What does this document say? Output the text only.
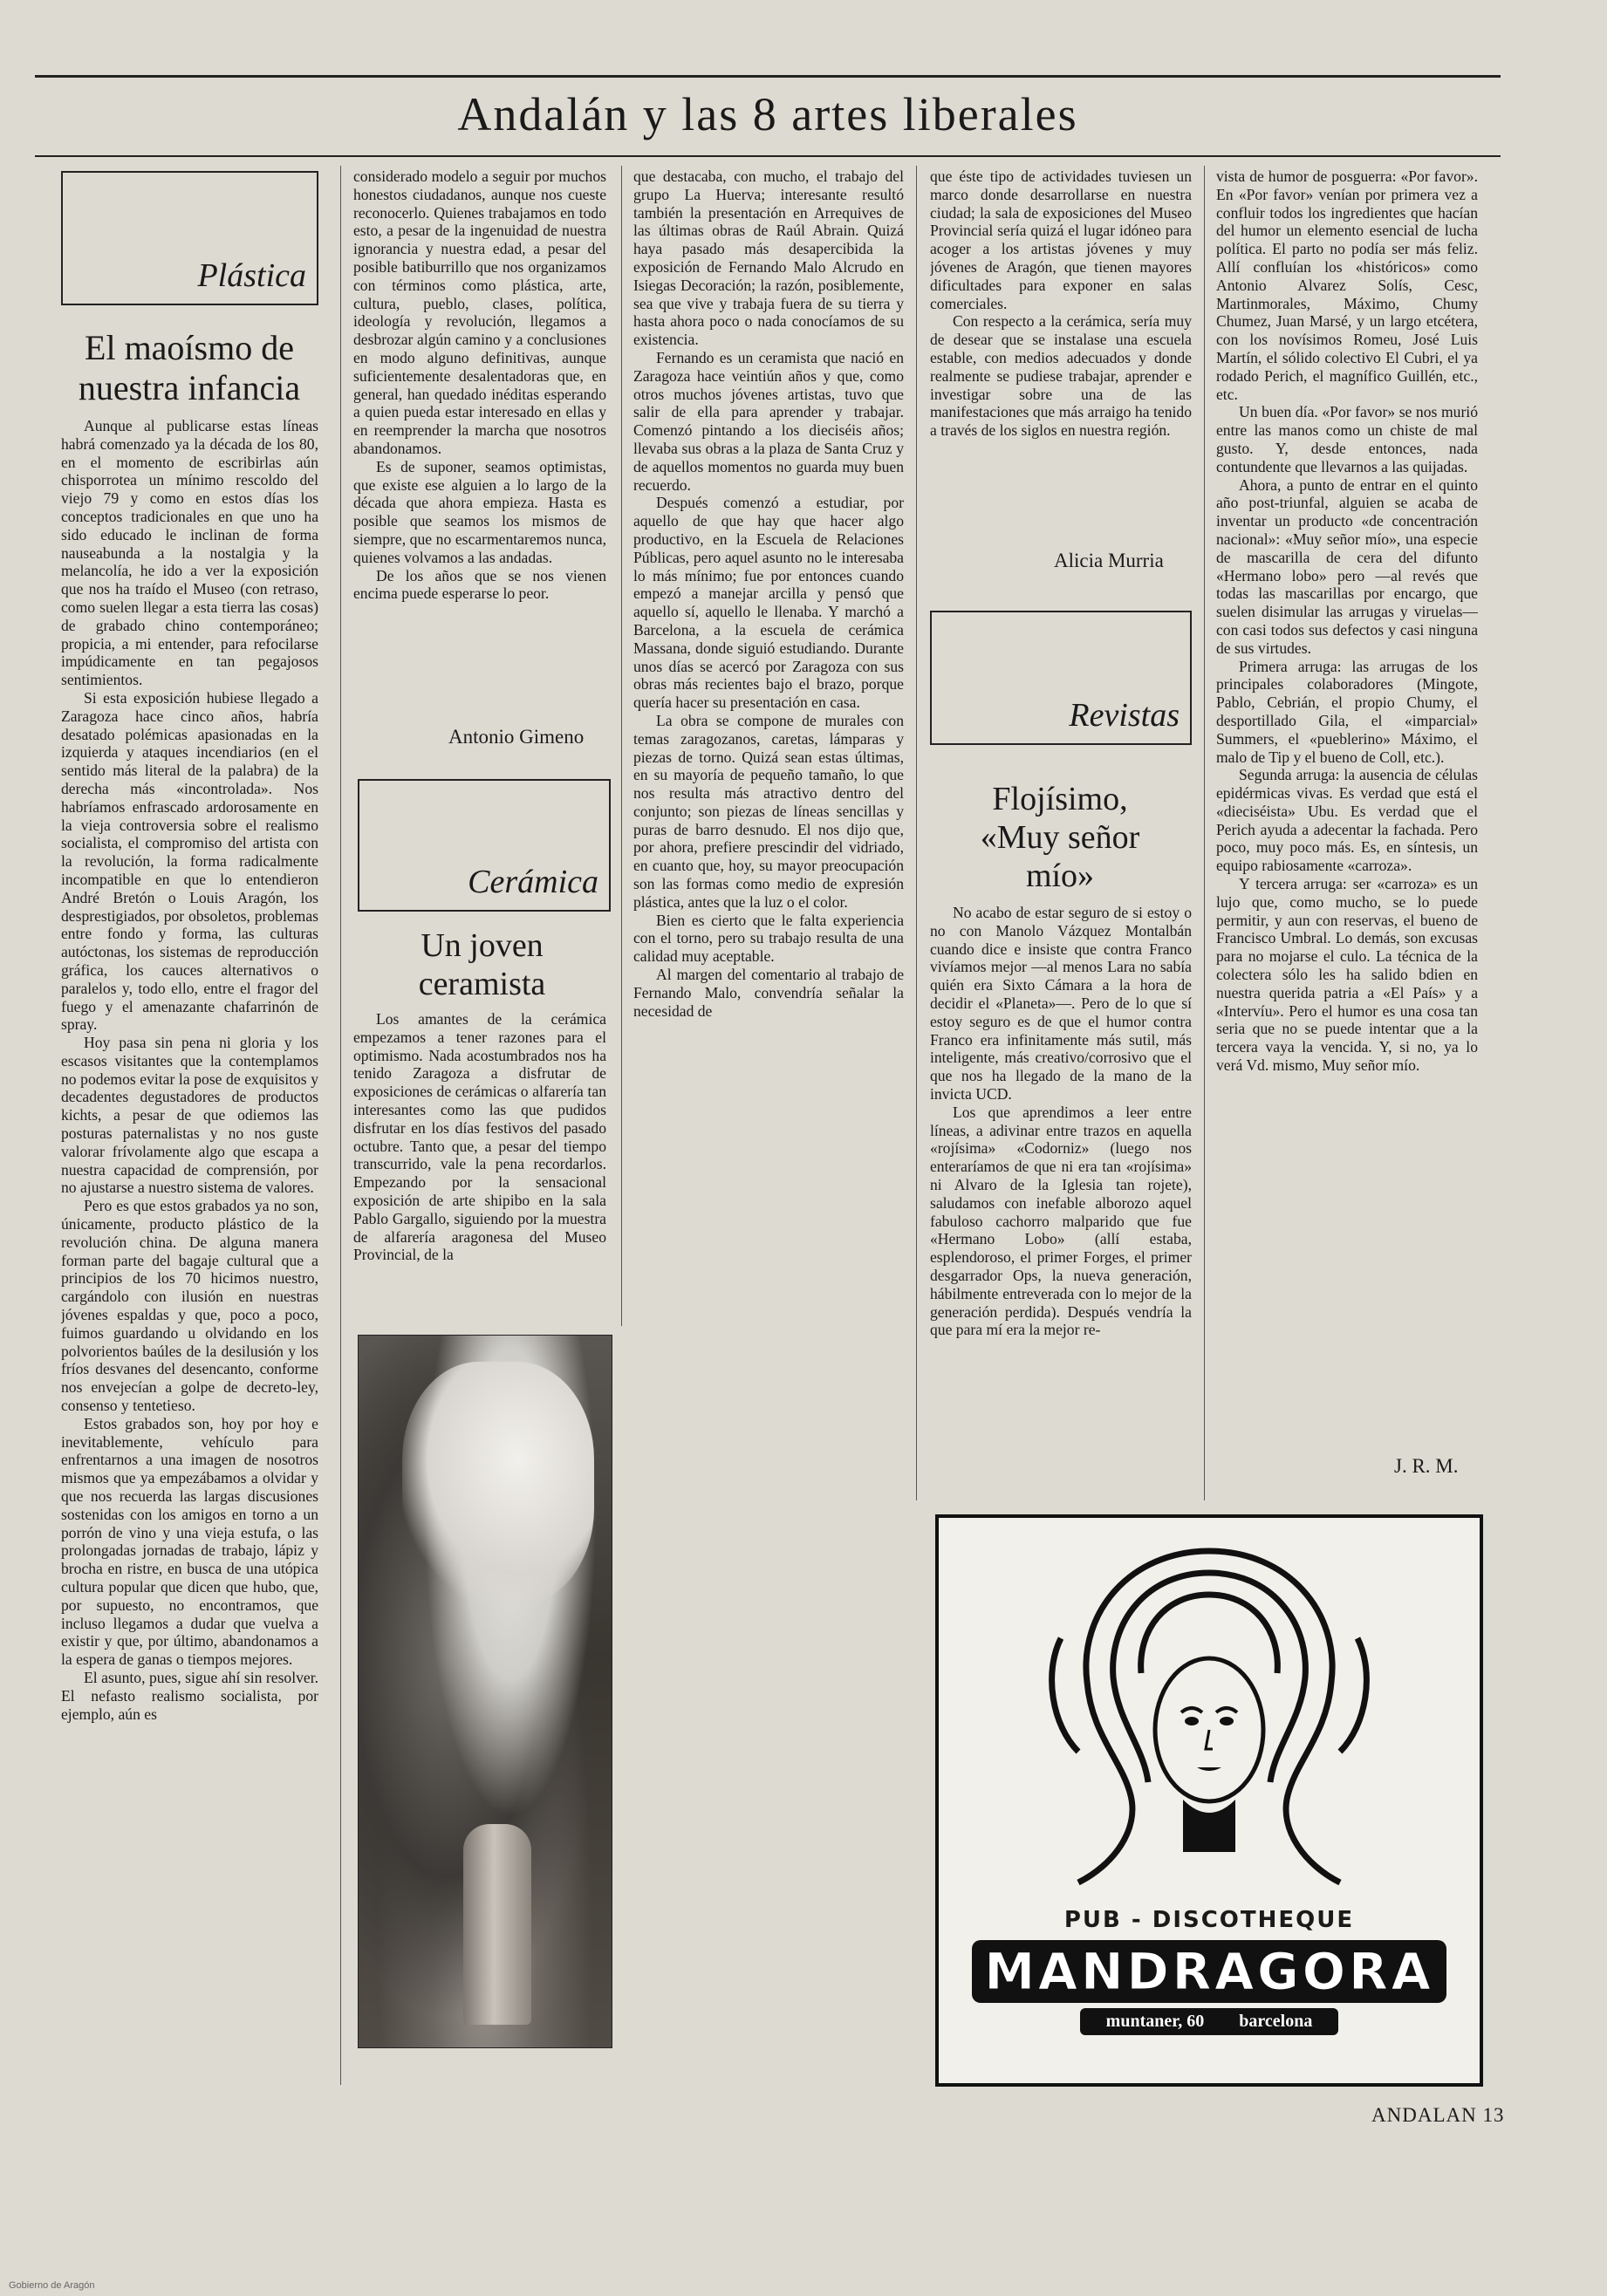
Andalán y las 8 artes liberales
Plástica
El maoísmo de nuestra infancia

Aunque al publicarse estas líneas habrá comenzado ya la década de los 80, en el momento de escribirlas aún chisporrotea un mínimo rescoldo del viejo 79 y como en estos días los conceptos tradicionales en que uno ha sido educado le inclinan de forma nauseabunda a la nostalgia y la melancolía, he ido a ver la exposición que nos ha traído el Museo (con retraso, como suelen llegar a esta tierra las cosas) de grabado chino contemporáneo; propicia, a mi entender, para refocilarse impúdicamente en tan pegajosos sentimientos.

Si esta exposición hubiese llegado a Zaragoza hace cinco años, habría desatado polémicas apasionadas en la izquierda y ataques incendiarios (en el sentido más literal de la palabra) de la derecha más «incontrolada». Nos habríamos enfrascado ardorosamente en la vieja controversia sobre el realismo socialista, el compromiso del artista con la revolución, la forma radicalmente incompatible en que lo entendieron André Bretón o Louis Aragón, los desprestigiados, por obsoletos, problemas entre fondo y forma, las culturas autóctonas, los sistemas de reproducción gráfica, los cauces alternativos o paralelos y, todo ello, entre el fragor del fuego y el amenazante chafarrinón de spray.

Hoy pasa sin pena ni gloria y los escasos visitantes que la contemplamos no podemos evitar la pose de exquisitos y decadentes degustadores de productos kichts, a pesar de que odiemos las posturas paternalistas y no nos guste valorar frívolamente algo que escapa a nuestra capacidad de comprensión, por no ajustarse a nuestro sistema de valores.

Pero es que estos grabados ya no son, únicamente, producto plástico de la revolución china. De alguna manera forman parte del bagaje cultural que a principios de los 70 hicimos nuestro, cargándolo con ilusión en nuestras jóvenes espaldas y que, poco a poco, fuimos guardando u olvidando en los polvorientos baúles de la desilusión y los fríos desvanes del desencanto, conforme nos envejecían a golpe de decreto-ley, consenso y tentetieso.

Estos grabados son, hoy por hoy e inevitablemente, vehículo para enfrentarnos a una imagen de nosotros mismos que ya empezábamos a olvidar y que nos recuerda las largas discusiones sostenidas con los amigos en torno a un porrón de vino y una vieja estufa, o las prolongadas jornadas de trabajo, lápiz y brocha en ristre, en busca de una utópica cultura popular que dicen que hubo, que, por supuesto, no encontramos, que incluso llegamos a dudar que vuelva a existir y que, por último, abandonamos a la espera de ganas o tiempos mejores.

El asunto, pues, sigue ahí sin resolver. El nefasto realismo socialista, por ejemplo, aún es

considerado modelo a seguir por muchos honestos ciudadanos, aunque nos cueste reconocerlo. Quienes trabajamos en todo esto, a pesar de la ingenuidad de nuestra ignorancia y nuestra edad, a pesar del posible batiburrillo que nos organizamos con términos como plástica, arte, cultura, pueblo, clases, política, ideología y revolución, llegamos a desbrozar algún camino y a conclusiones en modo alguno definitivas, aunque suficientemente desalentadoras que, en general, han quedado inéditas esperando a quien pueda estar interesado en ellas y en reemprender la marcha que nosotros abandonamos.

Es de suponer, seamos optimistas, que existe ese alguien a lo largo de la década que ahora empieza. Hasta es posible que seamos los mismos de siempre, que no escarmentaremos nunca, quienes volvamos a las andadas.

De los años que se nos vienen encima puede esperarse lo peor.

Antonio Gimeno
Cerámica
Un joven ceramista

Los amantes de la cerámica empezamos a tener razones para el optimismo. Nada acostumbrados nos ha tenido Zaragoza a disfrutar de exposiciones de cerámicas o alfarería tan interesantes como las que pudidos disfrutar en los días festivos del pasado octubre. Tanto que, a pesar del tiempo transcurrido, vale la pena recordarlos. Empezando por la sensacional exposición de arte shipibo en la sala Pablo Gargallo, siguiendo por la muestra de alfarería aragonesa del Museo Provincial, de la

que destacaba, con mucho, el trabajo del grupo La Huerva; interesante resultó también la presentación en Arrequives de las últimas obras de Raúl Abrain. Quizá haya pasado más desapercibida la exposición de Fernando Malo Alcrudo en Isiegas Decoración; la razón, posiblemente, sea que vive y trabaja fuera de su tierra y hasta ahora poco o nada conocíamos de su existencia.

Fernando es un ceramista que nació en Zaragoza hace veintiún años y que, como otros muchos jóvenes artistas, tuvo que salir de ella para aprender y trabajar. Comenzó pintando a los dieciséis años; llevaba sus obras a la plaza de Santa Cruz y de aquellos momentos no guarda muy buen recuerdo.

Después comenzó a estudiar, por aquello de que hay que hacer algo productivo, en la Escuela de Relaciones Públicas, pero aquel asunto no le interesaba lo más mínimo; fue por entonces cuando empezó a manejar arcilla y pensó que aquello sí, aquello le llenaba. Y marchó a Barcelona, a la escuela de cerámica Massana, donde siguió estudiando. Durante unos días se acercó por Zaragoza con sus obras más recientes bajo el brazo, porque quería hacer su presentación en casa.

La obra se compone de murales con temas zaragozanos, caretas, lámparas y piezas de torno. Quizá sean estas últimas, en su mayoría de pequeño tamaño, lo que nos resulta más atractivo dentro del conjunto; son piezas de líneas sencillas y puras de barro desnudo. El nos dijo que, por ahora, prefiere prescindir del vidriado, en cuanto que, hoy, su mayor preocupación son las formas como medio de expresión plástica, antes que la luz o el color.

Bien es cierto que le falta experiencia con el torno, pero su trabajo resulta de una calidad muy aceptable.

Al margen del comentario al trabajo de Fernando Malo, convendría señalar la necesidad de

que éste tipo de actividades tuviesen un marco donde desarrollarse en nuestra ciudad; la sala de exposiciones del Museo Provincial sería quizá el lugar idóneo para acoger a los artistas jóvenes y muy jóvenes de Aragón, que tienen mayores dificultades para exponer en salas comerciales.

Con respecto a la cerámica, sería muy de desear que se instalase una escuela estable, con medios adecuados y donde realmente se pudiese trabajar, aprender e investigar sobre una de las manifestaciones que más arraigo ha tenido a través de los siglos en nuestra región.

Alicia Murria
Revistas
Flojísimo, «Muy señor mío»

No acabo de estar seguro de si estoy o no con Manolo Vázquez Montalbán cuando dice e insiste que contra Franco vivíamos mejor —al menos Lara no sabía quién era Sixto Cámara a la hora de decidir el «Planeta»—. Pero de lo que sí estoy seguro es de que el humor contra Franco era infinitamente más sutil, más inteligente, más creativo/corrosivo que el que nos ha llegado de la mano de la invicta UCD.

Los que aprendimos a leer entre líneas, a adivinar entre trazos en aquella «rojísima» «Codorniz» (luego nos enteraríamos de que ni era tan «rojísima» ni Alvaro de la Iglesia tan rojete), saludamos con inefable alborozo aquel fabuloso cachorro malparido que fue «Hermano Lobo» (allí estaba, esplendoroso, el primer Forges, el primer desgarrador Ops, la nueva generación, hábilmente entreverada con lo mejor de la generación perdida). Después vendría la que para mí era la mejor re-

vista de humor de posguerra: «Por favor». En «Por favor» venían por primera vez a confluir todos los ingredientes que hacían del humor un elemento esencial de lucha política. El parto no podía ser más feliz. Allí confluían los «históricos» como Antonio Alvarez Solís, Cesc, Martinmorales, Máximo, Chumy Chumez, Juan Marsé, y un largo etcétera, con los novísimos Romeu, José Luis Martín, el sólido colectivo El Cubri, el ya rodado Perich, el magnífico Guillén, etc., etc.

Un buen día. «Por favor» se nos murió entre las manos como un chiste de mal gusto. Y, desde entonces, nada contundente que llevarnos a las quijadas.

Ahora, a punto de entrar en el quinto año post-triunfal, alguien se acaba de inventar un producto «de concentración nacional»: «Muy señor mío», una especie de mascarilla de cera del difunto «Hermano lobo» pero —al revés que todas las mascarillas por encargo, que suelen disimular las arrugas y viruelas— con casi todos sus defectos y casi ninguna de sus virtudes.

Primera arruga: las arrugas de los principales colaboradores (Mingote, Pablo, Cebrián, el propio Chumy, el desportillado Gila, el «imparcial» Summers, el «pueblerino» Máximo, el malo de Tip y el bueno de Coll, etc.).

Segunda arruga: la ausencia de células epidérmicas vivas. Es verdad que está el «dieciséista» Ubu. Es verdad que el Perich ayuda a adecentar la fachada. Pero poco, muy poco más. Es, en síntesis, un equipo rabiosamente «carroza».

Y tercera arruga: ser «carroza» es un lujo que, como mucho, se lo puede permitir, y aun con reservas, el bueno de Francisco Umbral. Lo demás, son excusas para no mojarse el culo. La técnica de la colectera sólo les ha salido bdien en nuestra querida patria a «El País» y a «Intervíu». Pero el humor es una cosa tan seria que no se puede intentar que a la tercera vaya la vencida. Y, si no, ya lo verá Vd. mismo, Muy señor mío.

J. R. M.
PUB - DISCOTHEQUE
MANDRAGORA
muntaner, 60 barcelona
ANDALAN 13
Gobierno de Aragón
